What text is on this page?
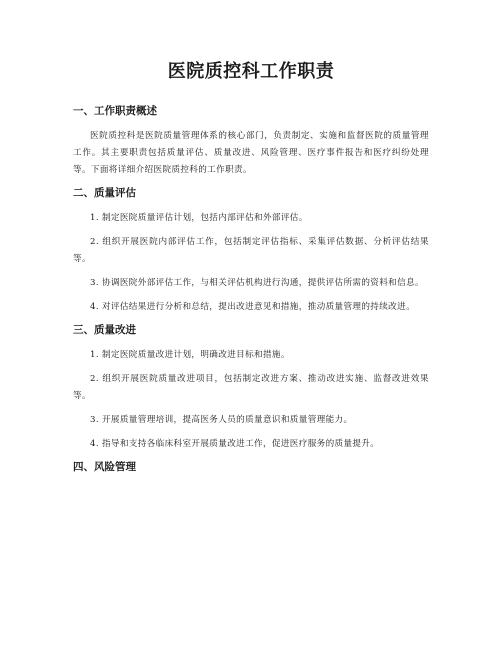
医院质控科工作职责
一、工作职责概述

医院质控科是医院质量管理体系的核心部门，负责制定、实施和监督医院的质量管理工作。其主要职责包括质量评估、质量改进、风险管理、医疗事件报告和医疗纠纷处理等。下面将详细介绍医院质控科的工作职责。

二、质量评估

1. 制定医院质量评估计划，包括内部评估和外部评估。

2. 组织开展医院内部评估工作，包括制定评估指标、采集评估数据、分析评估结果等。

3. 协调医院外部评估工作，与相关评估机构进行沟通，提供评估所需的资料和信息。

4. 对评估结果进行分析和总结，提出改进意见和措施，推动质量管理的持续改进。

三、质量改进

1. 制定医院质量改进计划，明确改进目标和措施。

2. 组织开展医院质量改进项目，包括制定改进方案、推动改进实施、监督改进效果等。

3. 开展质量管理培训，提高医务人员的质量意识和质量管理能力。

4. 指导和支持各临床科室开展质量改进工作，促进医疗服务的质量提升。

四、风险管理
